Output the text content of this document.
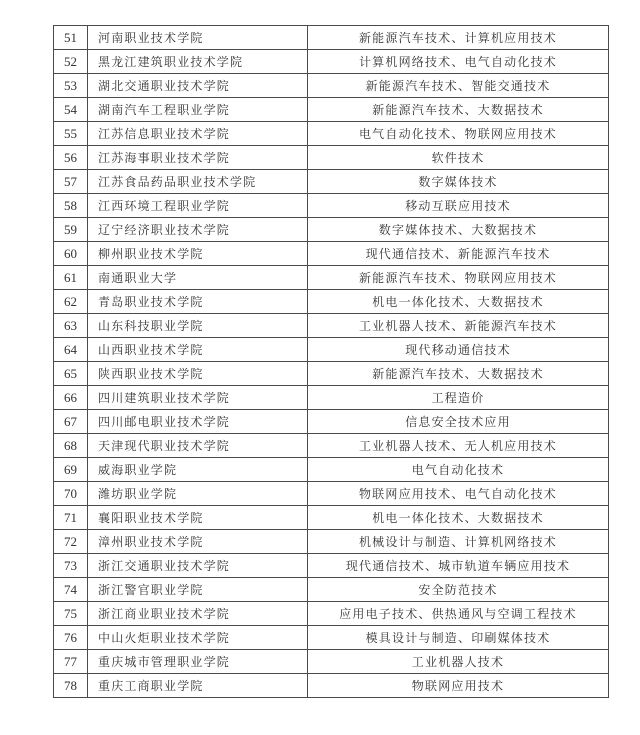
51	河南职业技术学院	新能源汽车技术、计算机应用技术
52	黑龙江建筑职业技术学院	计算机网络技术、电气自动化技术
53	湖北交通职业技术学院	新能源汽车技术、智能交通技术
54	湖南汽车工程职业学院	新能源汽车技术、大数据技术
55	江苏信息职业技术学院	电气自动化技术、物联网应用技术
56	江苏海事职业技术学院	软件技术
57	江苏食品药品职业技术学院	数字媒体技术
58	江西环境工程职业学院	移动互联应用技术
59	辽宁经济职业技术学院	数字媒体技术、大数据技术
60	柳州职业技术学院	现代通信技术、新能源汽车技术
61	南通职业大学	新能源汽车技术、物联网应用技术
62	青岛职业技术学院	机电一体化技术、大数据技术
63	山东科技职业学院	工业机器人技术、新能源汽车技术
64	山西职业技术学院	现代移动通信技术
65	陕西职业技术学院	新能源汽车技术、大数据技术
66	四川建筑职业技术学院	工程造价
67	四川邮电职业技术学院	信息安全技术应用
68	天津现代职业技术学院	工业机器人技术、无人机应用技术
69	威海职业学院	电气自动化技术
70	潍坊职业学院	物联网应用技术、电气自动化技术
71	襄阳职业技术学院	机电一体化技术、大数据技术
72	漳州职业技术学院	机械设计与制造、计算机网络技术
73	浙江交通职业技术学院	现代通信技术、城市轨道车辆应用技术
74	浙江警官职业学院	安全防范技术
75	浙江商业职业技术学院	应用电子技术、供热通风与空调工程技术
76	中山火炬职业技术学院	模具设计与制造、印刷媒体技术
77	重庆城市管理职业学院	工业机器人技术
78	重庆工商职业学院	物联网应用技术
